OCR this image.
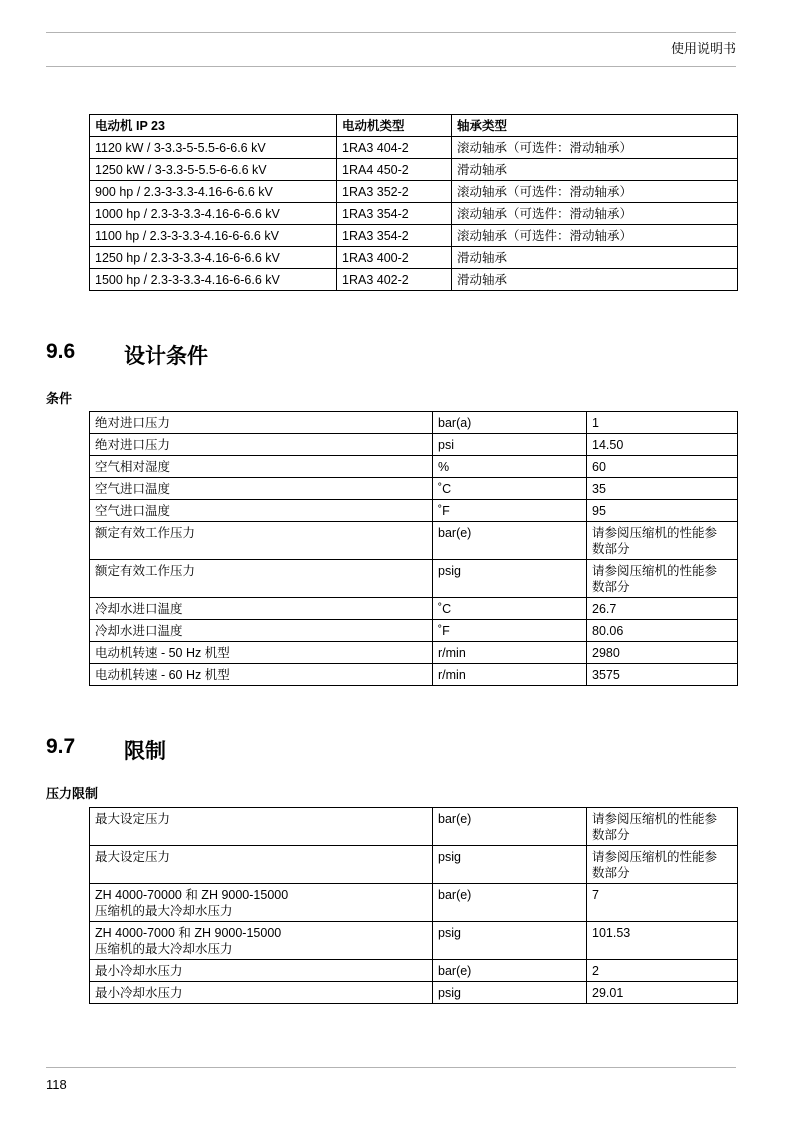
使用说明书
电动机 IP 23	电动机类型	轴承类型
1120 kW / 3-3.3-5-5.5-6-6.6 kV	1RA3 404-2	滚动轴承（可选件：滑动轴承）
1250 kW / 3-3.3-5-5.5-6-6.6 kV	1RA4 450-2	滑动轴承
900 hp / 2.3-3-3.3-4.16-6-6.6 kV	1RA3 352-2	滚动轴承（可选件：滑动轴承）
1000 hp / 2.3-3-3.3-4.16-6-6.6 kV	1RA3 354-2	滚动轴承（可选件：滑动轴承）
1100 hp / 2.3-3-3.3-4.16-6-6.6 kV	1RA3 354-2	滚动轴承（可选件：滑动轴承）
1250 hp / 2.3-3-3.3-4.16-6-6.6 kV	1RA3 400-2	滑动轴承
1500 hp / 2.3-3-3.3-4.16-6-6.6 kV	1RA3 402-2	滑动轴承
9.6 设计条件
条件
绝对进口压力	bar(a)	1
绝对进口压力	psi	14.50
空气相对湿度	%	60
空气进口温度	˚C	35
空气进口温度	˚F	95
额定有效工作压力	bar(e)	请参阅压缩机的性能参
数部分
额定有效工作压力	psig	请参阅压缩机的性能参
数部分
冷却水进口温度	˚C	26.7
冷却水进口温度	˚F	80.06
电动机转速 - 50 Hz 机型	r/min	2980
电动机转速 - 60 Hz 机型	r/min	3575
9.7 限制
压力限制
最大设定压力	bar(e)	请参阅压缩机的性能参
数部分
最大设定压力	psig	请参阅压缩机的性能参
数部分
ZH 4000-70000 和 ZH 9000-15000
压缩机的最大冷却水压力	bar(e)	7
ZH 4000-7000 和 ZH 9000-15000
压缩机的最大冷却水压力	psig	101.53
最小冷却水压力	bar(e)	2
最小冷却水压力	psig	29.01
118
